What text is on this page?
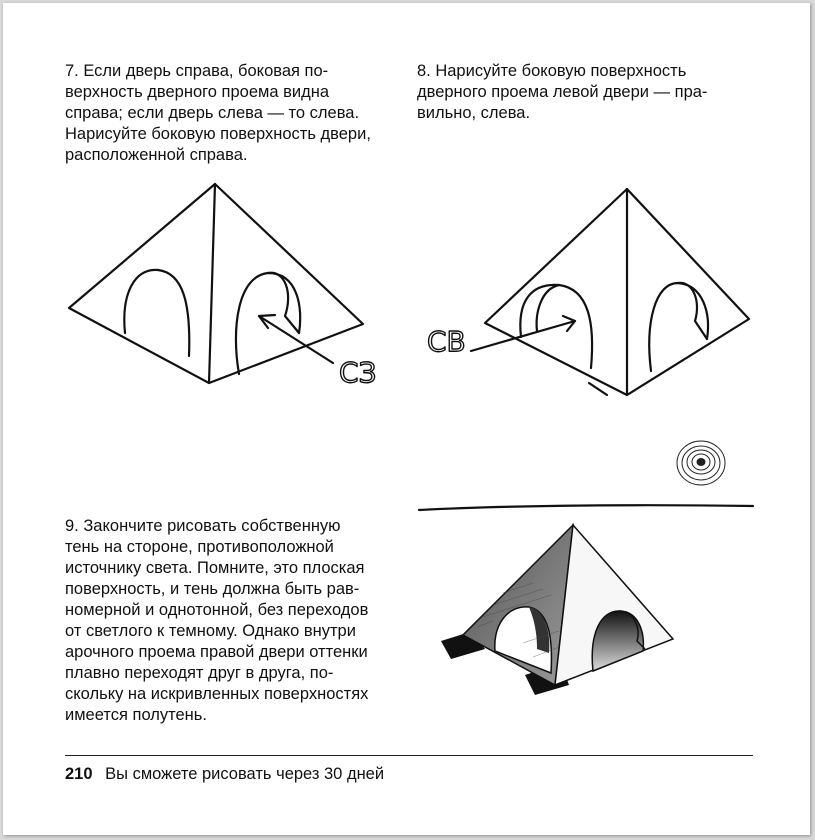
7. Если дверь справа, боковая по-
верхность дверного проема видна
справа; если дверь слева — то слева.
Нарисуйте боковую поверхность двери,
расположенной справа.
8. Нарисуйте боковую поверхность
дверного проема левой двери — пра-
вильно, слева.
СЗ
СВ
9. Закончите рисовать собственную
тень на стороне, противоположной
источнику света. Помните, это плоская
поверхность, и тень должна быть рав-
номерной и однотонной, без переходов
от светлого к темному. Однако внутри
арочного проема правой двери оттенки
плавно переходят друг в друга, по-
скольку на искривленных поверхностях
имеется полутень.
210 Вы сможете рисовать через 30 дней
